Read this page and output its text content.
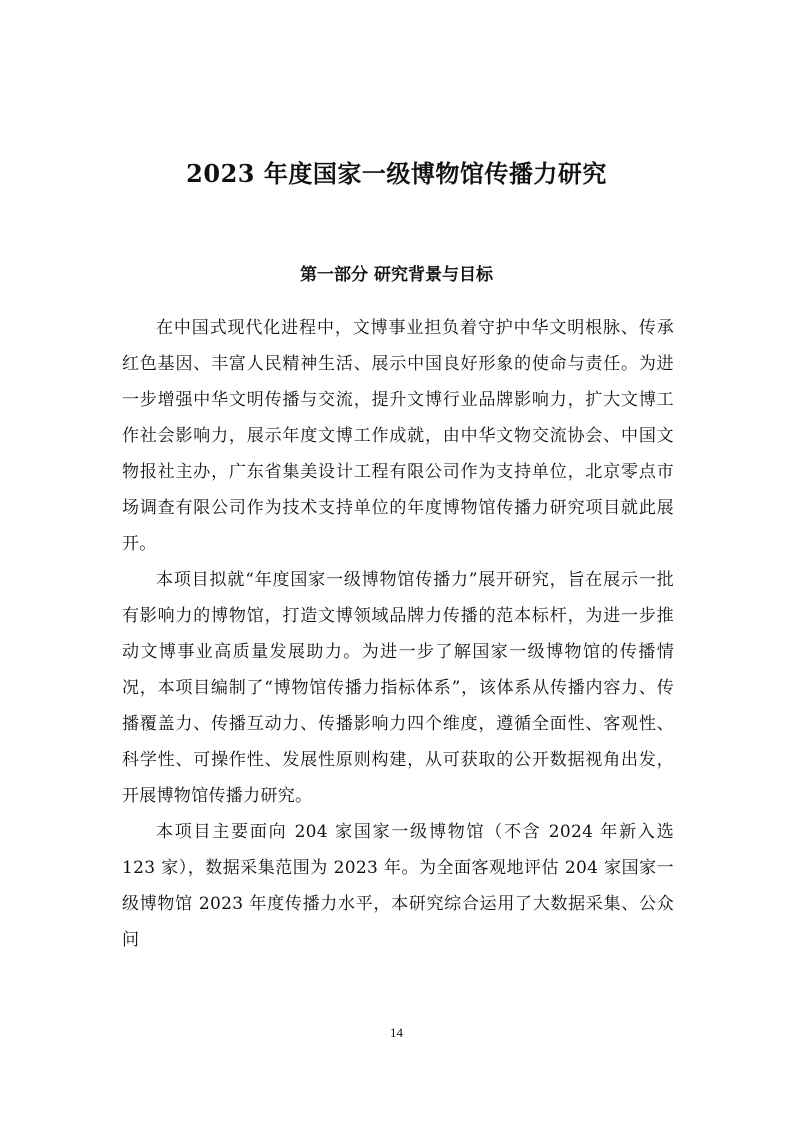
2023 年度国家一级博物馆传播力研究
第一部分 研究背景与目标

在中国式现代化进程中，文博事业担负着守护中华文明根脉、传承红色基因、丰富人民精神生活、展示中国良好形象的使命与责任。为进一步增强中华文明传播与交流，提升文博行业品牌影响力，扩大文博工作社会影响力，展示年度文博工作成就，由中华文物交流协会、中国文物报社主办，广东省集美设计工程有限公司作为支持单位，北京零点市场调查有限公司作为技术支持单位的年度博物馆传播力研究项目就此展开。

本项目拟就“年度国家一级博物馆传播力”展开研究，旨在展示一批有影响力的博物馆，打造文博领域品牌力传播的范本标杆，为进一步推动文博事业高质量发展助力。为进一步了解国家一级博物馆的传播情况，本项目编制了“博物馆传播力指标体系”，该体系从传播内容力、传播覆盖力、传播互动力、传播影响力四个维度，遵循全面性、客观性、科学性、可操作性、发展性原则构建，从可获取的公开数据视角出发，开展博物馆传播力研究。

本项目主要面向 204 家国家一级博物馆（不含 2024 年新入选 123 家），数据采集范围为 2023 年。为全面客观地评估 204 家国家一级博物馆 2023 年度传播力水平，本研究综合运用了大数据采集、公众问

14
